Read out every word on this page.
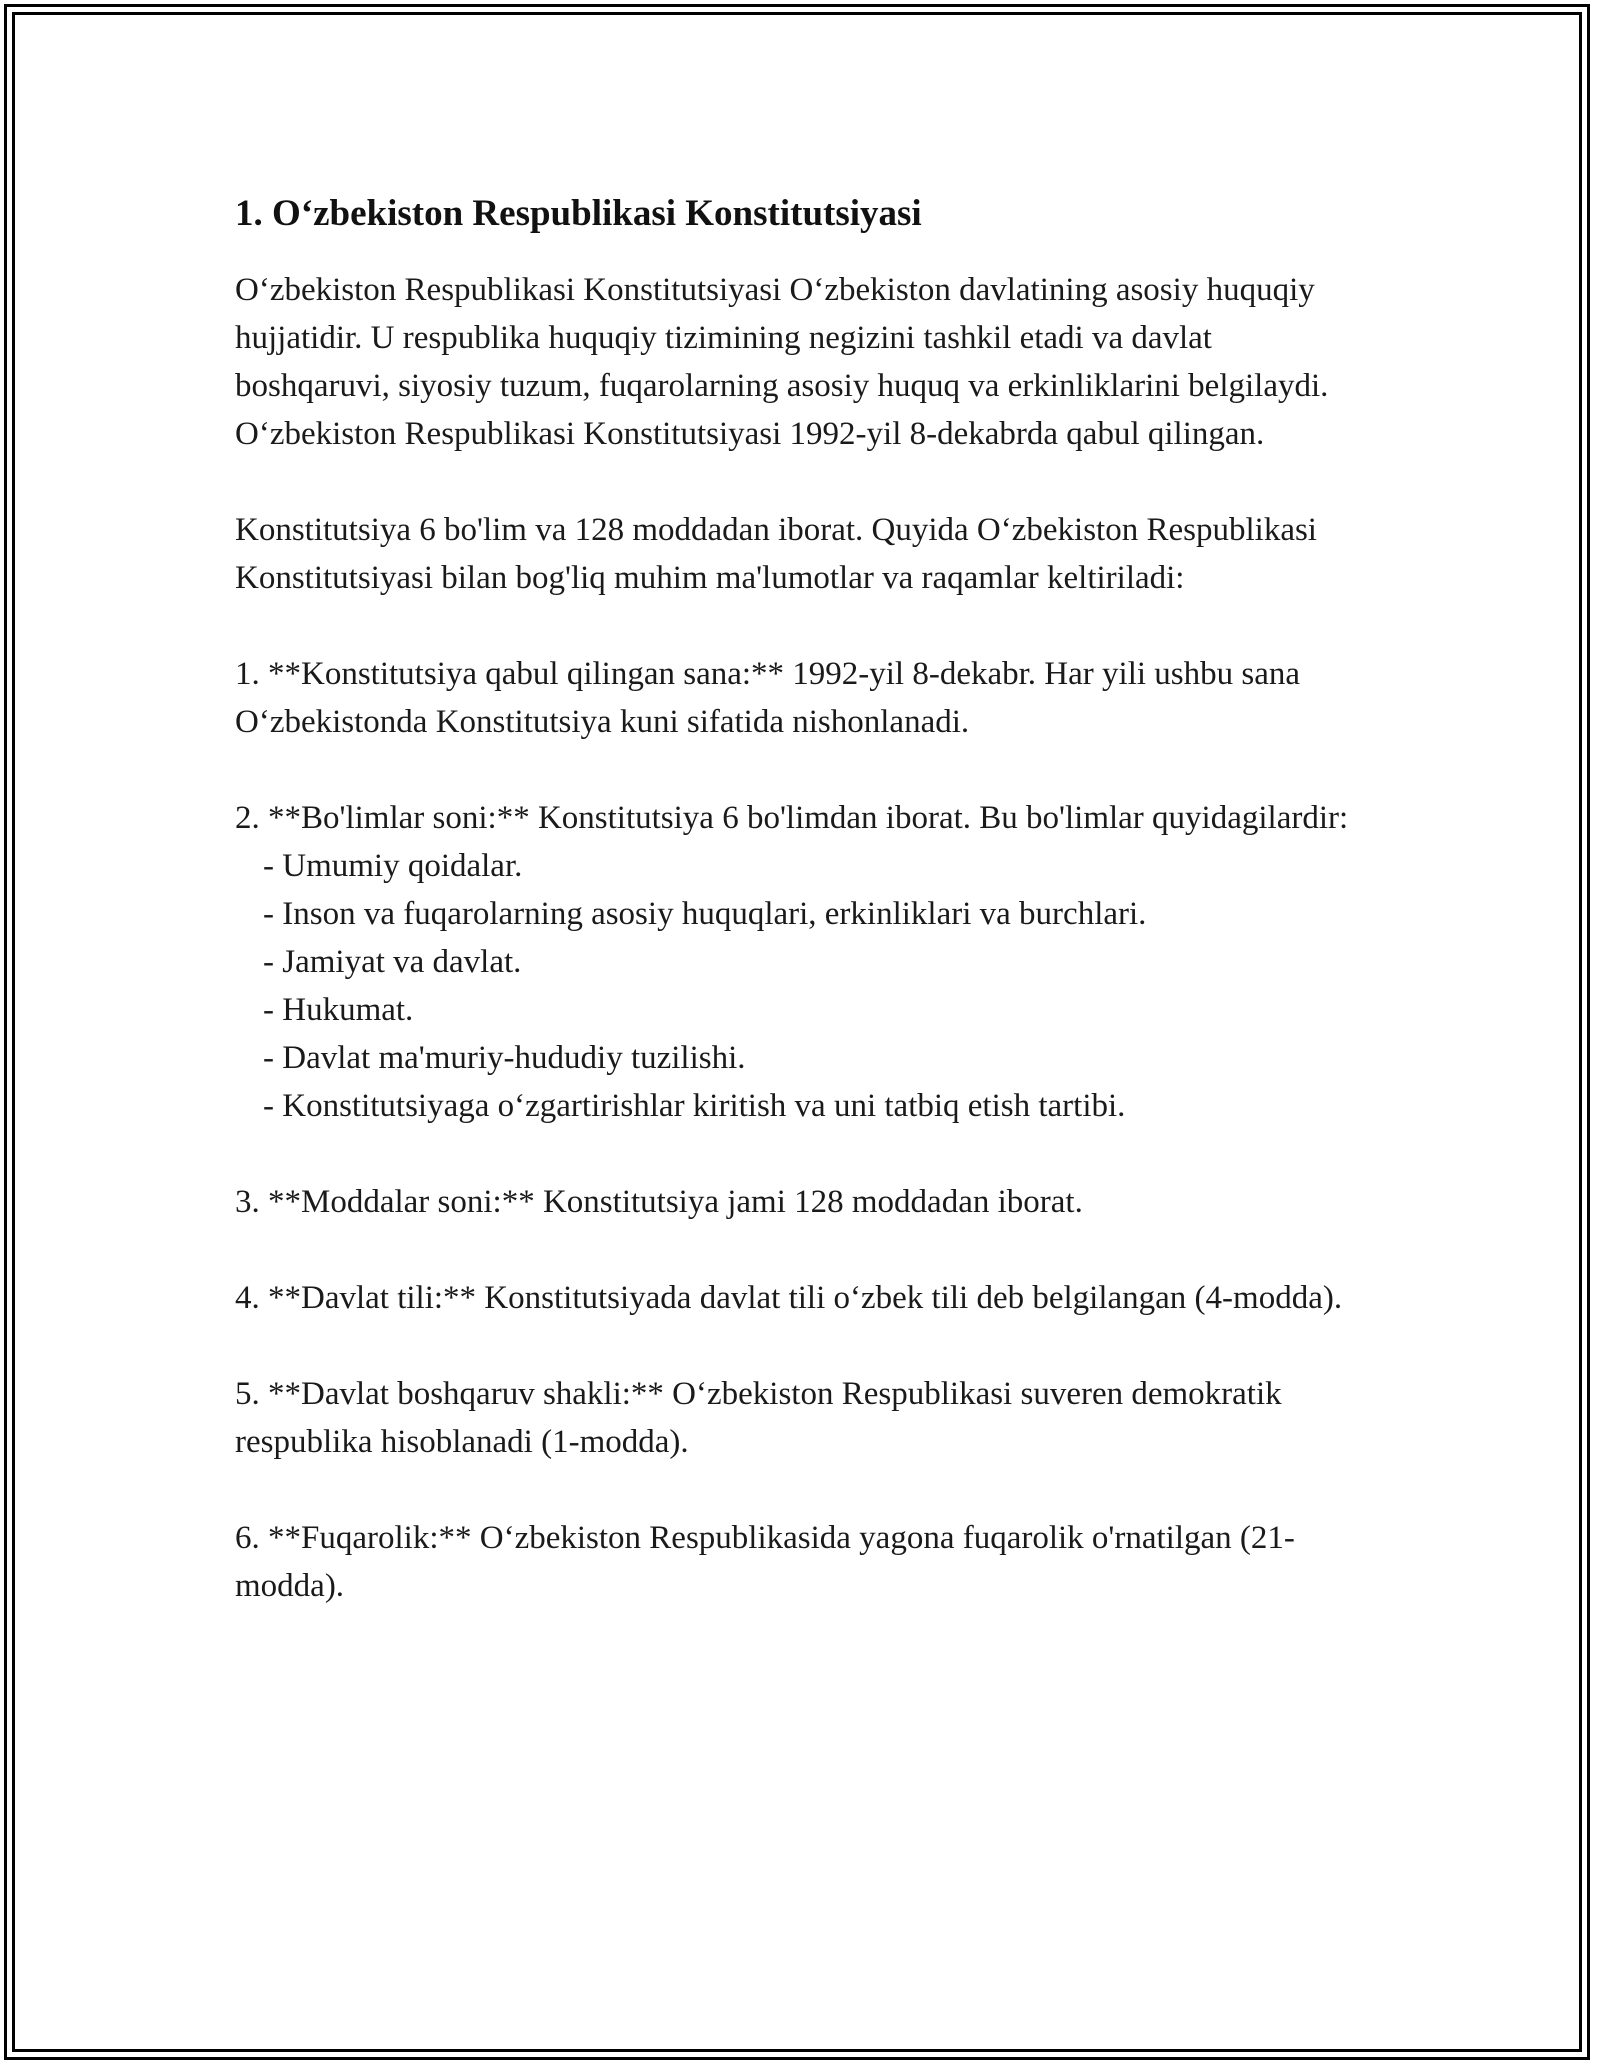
1. O‘zbekiston Respublikasi Konstitutsiyasi

O‘zbekiston Respublikasi Konstitutsiyasi O‘zbekiston davlatining asosiy huquqiy hujjatidir. U respublika huquqiy tizimining negizini tashkil etadi va davlat boshqaruvi, siyosiy tuzum, fuqarolarning asosiy huquq va erkinliklarini belgilaydi. O‘zbekiston Respublikasi Konstitutsiyasi 1992-yil 8-dekabrda qabul qilingan.

Konstitutsiya 6 bo'lim va 128 moddadan iborat. Quyida O‘zbekiston Respublikasi Konstitutsiyasi bilan bog'liq muhim ma'lumotlar va raqamlar keltiriladi:

1. **Konstitutsiya qabul qilingan sana:** 1992-yil 8-dekabr. Har yili ushbu sana O‘zbekistonda Konstitutsiya kuni sifatida nishonlanadi.
2. **Bo'limlar soni:** Konstitutsiya 6 bo'limdan iborat. Bu bo'limlar quyidagilardir:
- Umumiy qoidalar.
- Inson va fuqarolarning asosiy huquqlari, erkinliklari va burchlari.
- Jamiyat va davlat.
- Hukumat.
- Davlat ma'muriy-hududiy tuzilishi.
- Konstitutsiyaga o‘zgartirishlar kiritish va uni tatbiq etish tartibi.
3. **Moddalar soni:** Konstitutsiya jami 128 moddadan iborat.
4. **Davlat tili:** Konstitutsiyada davlat tili o‘zbek tili deb belgilangan (4-modda).
5. **Davlat boshqaruv shakli:** O‘zbekiston Respublikasi suveren demokratik respublika hisoblanadi (1-modda).
6. **Fuqarolik:** O‘zbekiston Respublikasida yagona fuqarolik o'rnatilgan (21-modda).
